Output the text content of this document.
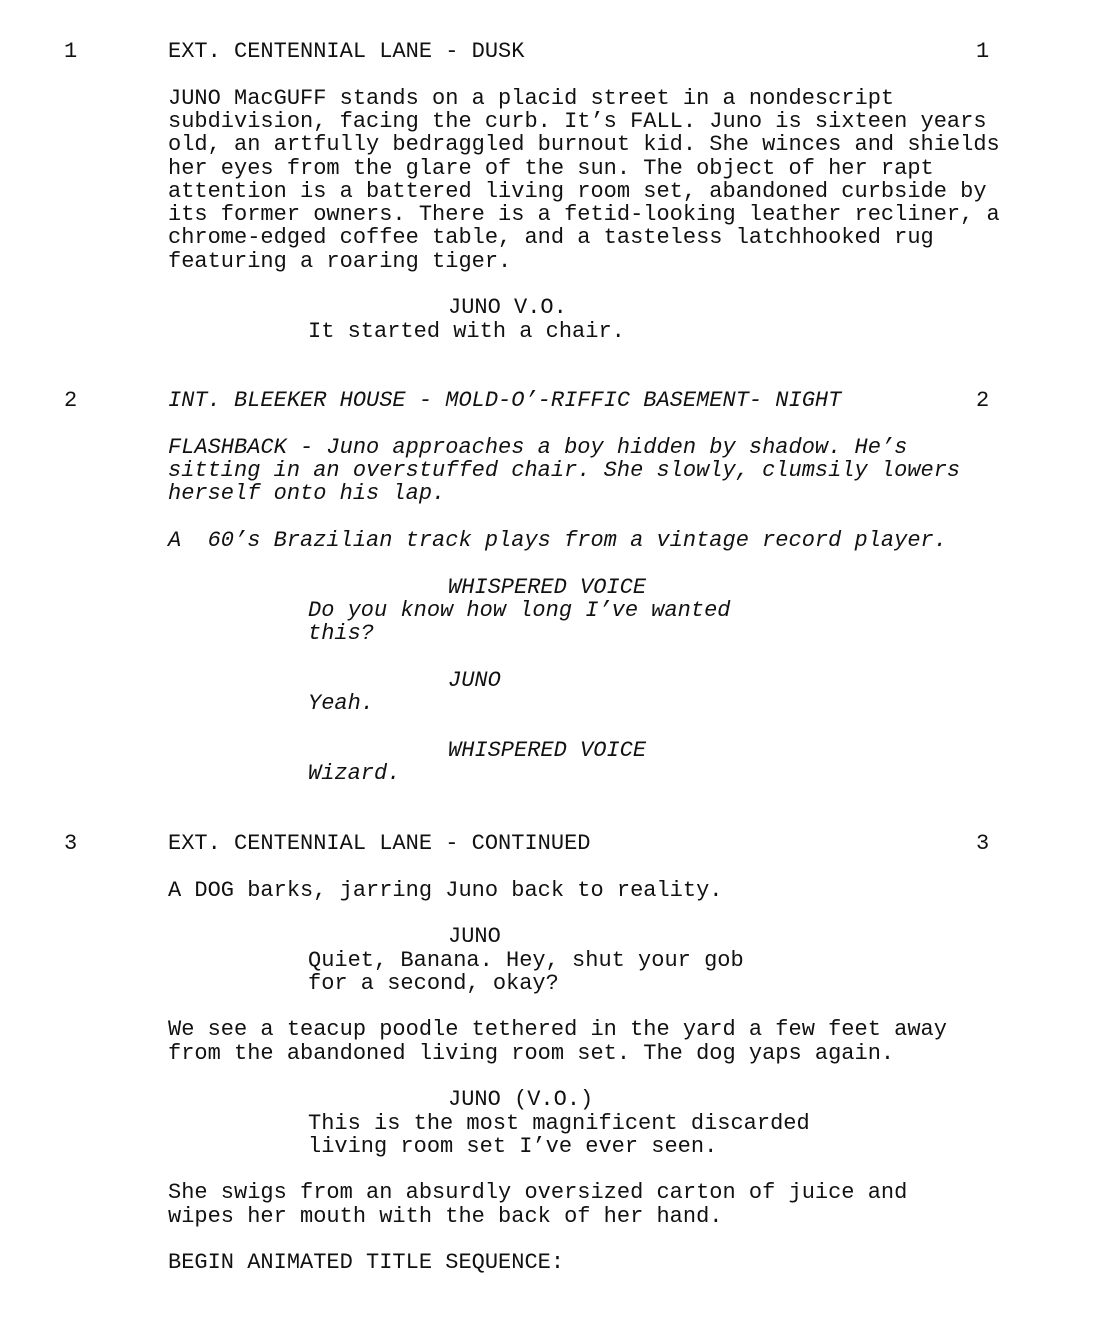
1	EXT. CENTENNIAL LANE - DUSK	1
JUNO MacGUFF stands on a placid street in a nondescript
subdivision, facing the curb. It’s FALL. Juno is sixteen years
old, an artfully bedraggled burnout kid. She winces and shields
her eyes from the glare of the sun. The object of her rapt
attention is a battered living room set, abandoned curbside by
its former owners. There is a fetid-looking leather recliner, a
chrome-edged coffee table, and a tasteless latchhooked rug
featuring a roaring tiger.
JUNO V.O.
It started with a chair.
2	INT. BLEEKER HOUSE - MOLD-O’-RIFFIC BASEMENT- NIGHT	2
FLASHBACK - Juno approaches a boy hidden by shadow. He’s
sitting in an overstuffed chair. She slowly, clumsily lowers
herself onto his lap.
A  60’s Brazilian track plays from a vintage record player.
WHISPERED VOICE
Do you know how long I’ve wanted
this?
JUNO
Yeah.
WHISPERED VOICE
Wizard.
3	EXT. CENTENNIAL LANE - CONTINUED	3
A DOG barks, jarring Juno back to reality.
JUNO
Quiet, Banana. Hey, shut your gob
for a second, okay?
We see a teacup poodle tethered in the yard a few feet away
from the abandoned living room set. The dog yaps again.
JUNO (V.O.)
This is the most magnificent discarded
living room set I’ve ever seen.
She swigs from an absurdly oversized carton of juice and
wipes her mouth with the back of her hand.
BEGIN ANIMATED TITLE SEQUENCE:
